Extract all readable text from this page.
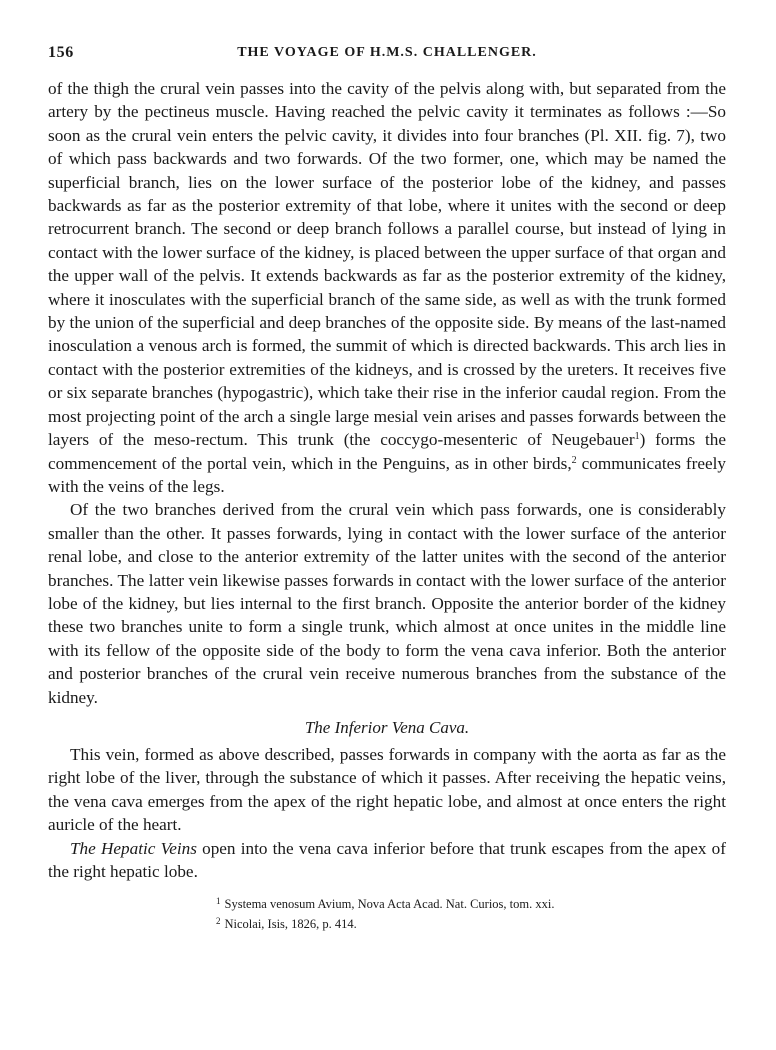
156	THE VOYAGE OF H.M.S. CHALLENGER.

of the thigh the crural vein passes into the cavity of the pelvis along with, but separated from the artery by the pectineus muscle. Having reached the pelvic cavity it terminates as follows :—So soon as the crural vein enters the pelvic cavity, it divides into four branches (Pl. XII. fig. 7), two of which pass backwards and two forwards. Of the two former, one, which may be named the superficial branch, lies on the lower surface of the posterior lobe of the kidney, and passes backwards as far as the posterior extremity of that lobe, where it unites with the second or deep retrocurrent branch. The second or deep branch follows a parallel course, but instead of lying in contact with the lower surface of the kidney, is placed between the upper surface of that organ and the upper wall of the pelvis. It extends backwards as far as the posterior extremity of the kidney, where it inosculates with the superficial branch of the same side, as well as with the trunk formed by the union of the superficial and deep branches of the opposite side. By means of the last-named inosculation a venous arch is formed, the summit of which is directed backwards. This arch lies in contact with the posterior extremities of the kidneys, and is crossed by the ureters. It receives five or six separate branches (hypogastric), which take their rise in the inferior caudal region. From the most projecting point of the arch a single large mesial vein arises and passes forwards between the layers of the meso-rectum. This trunk (the coccygo-mesenteric of Neugebauer$^1$) forms the commencement of the portal vein, which in the Penguins, as in other birds,$^2$ communicates freely with the veins of the legs.

Of the two branches derived from the crural vein which pass forwards, one is considerably smaller than the other. It passes forwards, lying in contact with the lower surface of the anterior renal lobe, and close to the anterior extremity of the latter unites with the second of the anterior branches. The latter vein likewise passes forwards in contact with the lower surface of the anterior lobe of the kidney, but lies internal to the first branch. Opposite the anterior border of the kidney these two branches unite to form a single trunk, which almost at once unites in the middle line with its fellow of the opposite side of the body to form the vena cava inferior. Both the anterior and posterior branches of the crural vein receive numerous branches from the substance of the kidney.

The Inferior Vena Cava.

This vein, formed as above described, passes forwards in company with the aorta as far as the right lobe of the liver, through the substance of which it passes. After receiving the hepatic veins, the vena cava emerges from the apex of the right hepatic lobe, and almost at once enters the right auricle of the heart.

The Hepatic Veins open into the vena cava inferior before that trunk escapes from the apex of the right hepatic lobe.

$^1$ Systema venosum Avium, Nova Acta Acad. Nat. Curios, tom. xxi.
$^2$ Nicolai, Isis, 1826, p. 414.
